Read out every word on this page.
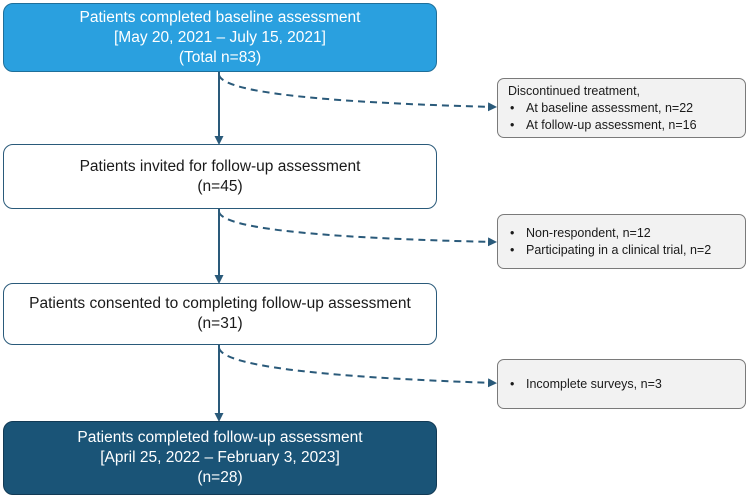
Patients completed baseline assessment
[May 20, 2021 – July 15, 2021]
(Total n=83)
Discontinued treatment,
• At baseline assessment, n=22
• At follow-up assessment, n=16
Patients invited for follow-up assessment
(n=45)
• Non-respondent, n=12
• Participating in a clinical trial, n=2
Patients consented to completing follow-up assessment
(n=31)
• Incomplete surveys, n=3
Patients completed follow-up assessment
[April 25, 2022 – February 3, 2023]
(n=28)
